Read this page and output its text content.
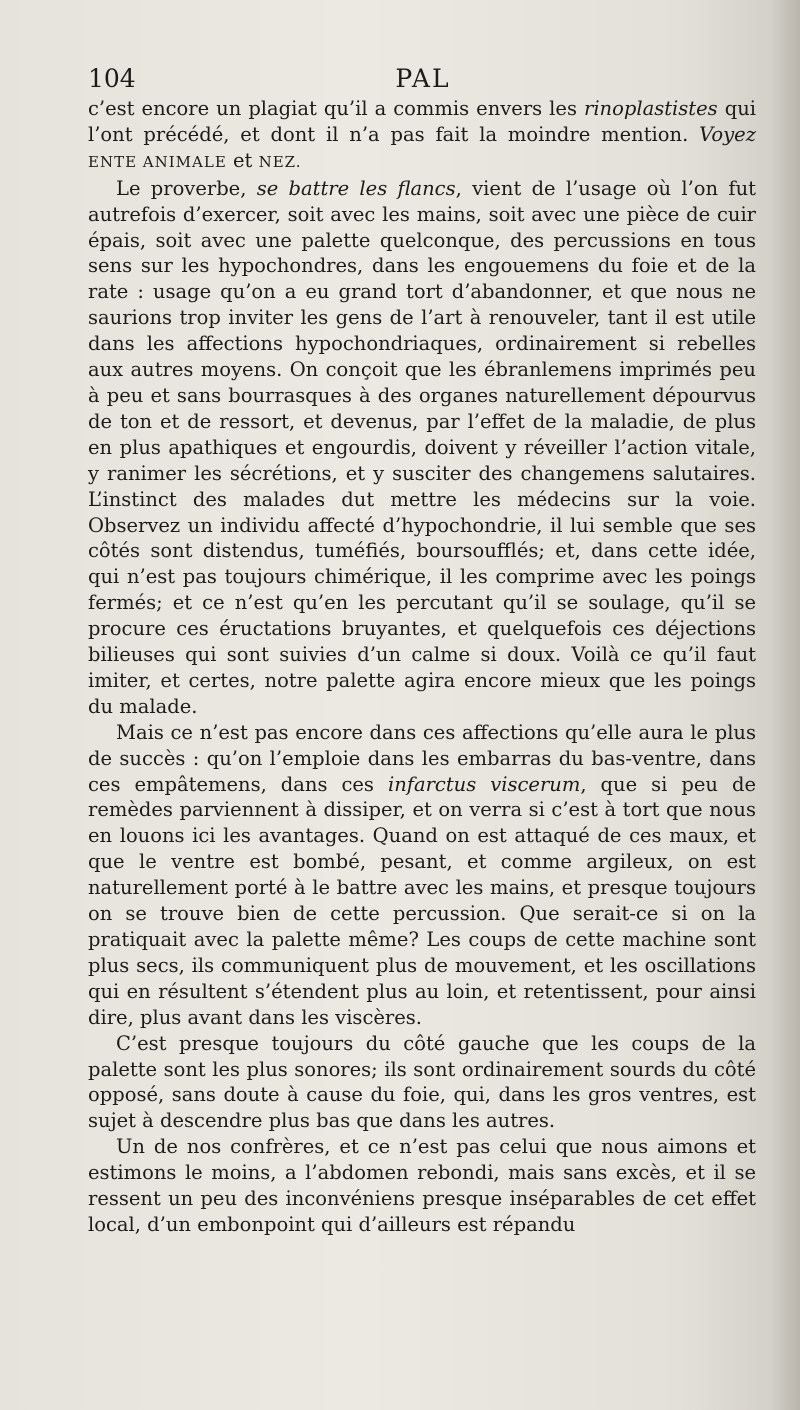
104	PAL

c’est encore un plagiat qu’il a commis envers les rinoplastistes qui l’ont précédé, et dont il n’a pas fait la moindre mention. Voyez ENTE ANIMALE et NEZ.

Le proverbe, se battre les flancs, vient de l’usage où l’on fut autrefois d’exercer, soit avec les mains, soit avec une pièce de cuir épais, soit avec une palette quelconque, des percussions en tous sens sur les hypochondres, dans les engouemens du foie et de la rate : usage qu’on a eu grand tort d’abandonner, et que nous ne saurions trop inviter les gens de l’art à renouveler, tant il est utile dans les affections hypochondriaques, ordinairement si rebelles aux autres moyens. On conçoit que les ébranlemens imprimés peu à peu et sans bourrasques à des organes naturellement dépourvus de ton et de ressort, et devenus, par l’effet de la maladie, de plus en plus apathiques et engourdis, doivent y réveiller l’action vitale, y ranimer les sécrétions, et y susciter des changemens salutaires. L’instinct des malades dut mettre les médecins sur la voie. Observez un individu affecté d’hypochondrie, il lui semble que ses côtés sont distendus, tuméfiés, boursoufflés; et, dans cette idée, qui n’est pas toujours chimérique, il les comprime avec les poings fermés; et ce n’est qu’en les percutant qu’il se soulage, qu’il se procure ces éructations bruyantes, et quelquefois ces déjections bilieuses qui sont suivies d’un calme si doux. Voilà ce qu’il faut imiter, et certes, notre palette agira encore mieux que les poings du malade.

Mais ce n’est pas encore dans ces affections qu’elle aura le plus de succès : qu’on l’emploie dans les embarras du bas-ventre, dans ces empâtemens, dans ces infarctus viscerum, que si peu de remèdes parviennent à dissiper, et on verra si c’est à tort que nous en louons ici les avantages. Quand on est attaqué de ces maux, et que le ventre est bombé, pesant, et comme argileux, on est naturellement porté à le battre avec les mains, et presque toujours on se trouve bien de cette percussion. Que serait-ce si on la pratiquait avec la palette même? Les coups de cette machine sont plus secs, ils communiquent plus de mouvement, et les oscillations qui en résultent s’étendent plus au loin, et retentissent, pour ainsi dire, plus avant dans les viscères.

C’est presque toujours du côté gauche que les coups de la palette sont les plus sonores; ils sont ordinairement sourds du côté opposé, sans doute à cause du foie, qui, dans les gros ventres, est sujet à descendre plus bas que dans les autres.

Un de nos confrères, et ce n’est pas celui que nous aimons et estimons le moins, a l’abdomen rebondi, mais sans excès, et il se ressent un peu des inconvéniens presque inséparables de cet effet local, d’un embonpoint qui d’ailleurs est répandu
